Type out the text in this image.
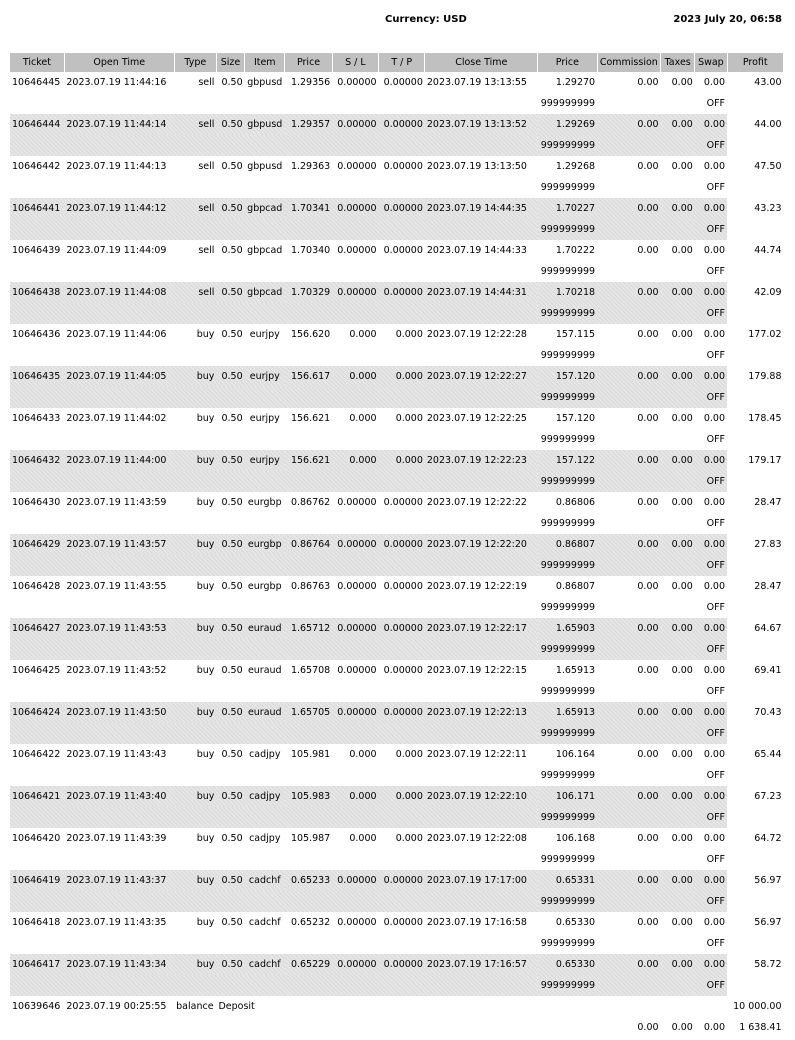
Currency: USD	2023 July 20, 06:58
Ticket	Open Time	Type	Size	Item	Price	S / L	T / P	Close Time	Price	Commission	Taxes	Swap	Profit
10646445	2023.07.19 11:44:16	sell	0.50	gbpusd	1.29356	0.00000	0.00000	2023.07.19 13:13:55	1.29270	0.00	0.00	0.00	43.00
									999999999			OFF	
10646444	2023.07.19 11:44:14	sell	0.50	gbpusd	1.29357	0.00000	0.00000	2023.07.19 13:13:52	1.29269	0.00	0.00	0.00	44.00
									999999999			OFF	
10646442	2023.07.19 11:44:13	sell	0.50	gbpusd	1.29363	0.00000	0.00000	2023.07.19 13:13:50	1.29268	0.00	0.00	0.00	47.50
									999999999			OFF	
10646441	2023.07.19 11:44:12	sell	0.50	gbpcad	1.70341	0.00000	0.00000	2023.07.19 14:44:35	1.70227	0.00	0.00	0.00	43.23
									999999999			OFF	
10646439	2023.07.19 11:44:09	sell	0.50	gbpcad	1.70340	0.00000	0.00000	2023.07.19 14:44:33	1.70222	0.00	0.00	0.00	44.74
									999999999			OFF	
10646438	2023.07.19 11:44:08	sell	0.50	gbpcad	1.70329	0.00000	0.00000	2023.07.19 14:44:31	1.70218	0.00	0.00	0.00	42.09
									999999999			OFF	
10646436	2023.07.19 11:44:06	buy	0.50	eurjpy	156.620	0.000	0.000	2023.07.19 12:22:28	157.115	0.00	0.00	0.00	177.02
									999999999			OFF	
10646435	2023.07.19 11:44:05	buy	0.50	eurjpy	156.617	0.000	0.000	2023.07.19 12:22:27	157.120	0.00	0.00	0.00	179.88
									999999999			OFF	
10646433	2023.07.19 11:44:02	buy	0.50	eurjpy	156.621	0.000	0.000	2023.07.19 12:22:25	157.120	0.00	0.00	0.00	178.45
									999999999			OFF	
10646432	2023.07.19 11:44:00	buy	0.50	eurjpy	156.621	0.000	0.000	2023.07.19 12:22:23	157.122	0.00	0.00	0.00	179.17
									999999999			OFF	
10646430	2023.07.19 11:43:59	buy	0.50	eurgbp	0.86762	0.00000	0.00000	2023.07.19 12:22:22	0.86806	0.00	0.00	0.00	28.47
									999999999			OFF	
10646429	2023.07.19 11:43:57	buy	0.50	eurgbp	0.86764	0.00000	0.00000	2023.07.19 12:22:20	0.86807	0.00	0.00	0.00	27.83
									999999999			OFF	
10646428	2023.07.19 11:43:55	buy	0.50	eurgbp	0.86763	0.00000	0.00000	2023.07.19 12:22:19	0.86807	0.00	0.00	0.00	28.47
									999999999			OFF	
10646427	2023.07.19 11:43:53	buy	0.50	euraud	1.65712	0.00000	0.00000	2023.07.19 12:22:17	1.65903	0.00	0.00	0.00	64.67
									999999999			OFF	
10646425	2023.07.19 11:43:52	buy	0.50	euraud	1.65708	0.00000	0.00000	2023.07.19 12:22:15	1.65913	0.00	0.00	0.00	69.41
									999999999			OFF	
10646424	2023.07.19 11:43:50	buy	0.50	euraud	1.65705	0.00000	0.00000	2023.07.19 12:22:13	1.65913	0.00	0.00	0.00	70.43
									999999999			OFF	
10646422	2023.07.19 11:43:43	buy	0.50	cadjpy	105.981	0.000	0.000	2023.07.19 12:22:11	106.164	0.00	0.00	0.00	65.44
									999999999			OFF	
10646421	2023.07.19 11:43:40	buy	0.50	cadjpy	105.983	0.000	0.000	2023.07.19 12:22:10	106.171	0.00	0.00	0.00	67.23
									999999999			OFF	
10646420	2023.07.19 11:43:39	buy	0.50	cadjpy	105.987	0.000	0.000	2023.07.19 12:22:08	106.168	0.00	0.00	0.00	64.72
									999999999			OFF	
10646419	2023.07.19 11:43:37	buy	0.50	cadchf	0.65233	0.00000	0.00000	2023.07.19 17:17:00	0.65331	0.00	0.00	0.00	56.97
									999999999			OFF	
10646418	2023.07.19 11:43:35	buy	0.50	cadchf	0.65232	0.00000	0.00000	2023.07.19 17:16:58	0.65330	0.00	0.00	0.00	56.97
									999999999			OFF	
10646417	2023.07.19 11:43:34	buy	0.50	cadchf	0.65229	0.00000	0.00000	2023.07.19 17:16:57	0.65330	0.00	0.00	0.00	58.72
									999999999			OFF	
10639646	2023.07.19 00:25:55	balance	Deposit										10 000.00
										0.00	0.00	0.00	1 638.41
